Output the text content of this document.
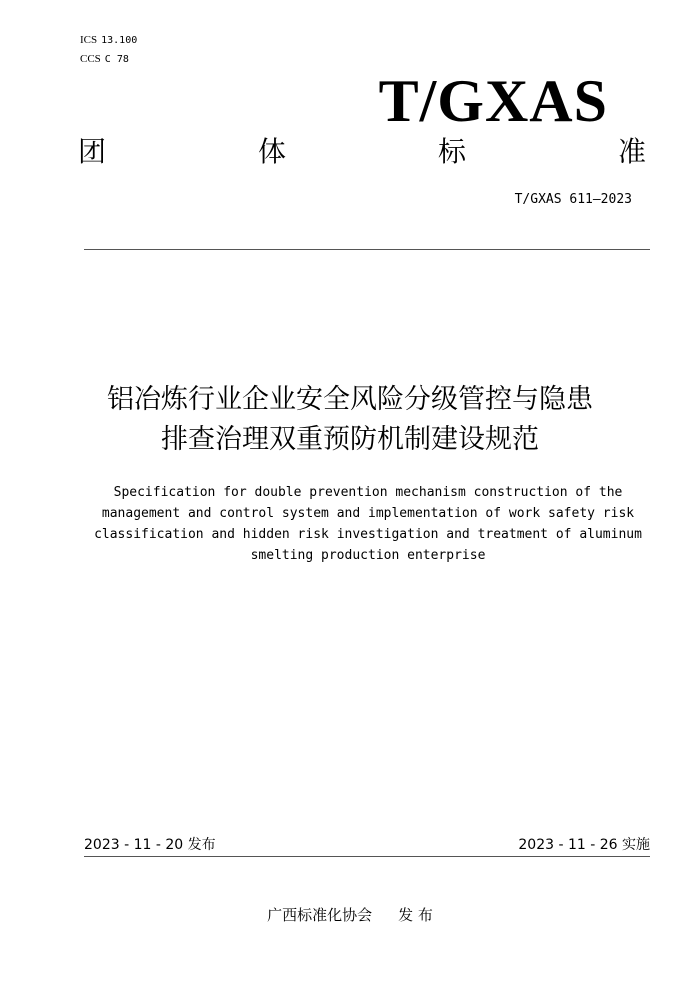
ICS 13.100
CCS C 78
T/GXAS
团	体	标	准
T/GXAS 611—2023
铝冶炼行业企业安全风险分级管控与隐患
排查治理双重预防机制建设规范
Specification for double prevention mechanism construction of the management and control system and implementation of work safety risk classification and hidden risk investigation and treatment of aluminum smelting production enterprise
2023 - 11 - 20 发布	2023 - 11 - 26 实施
广西标准化协会 发 布
